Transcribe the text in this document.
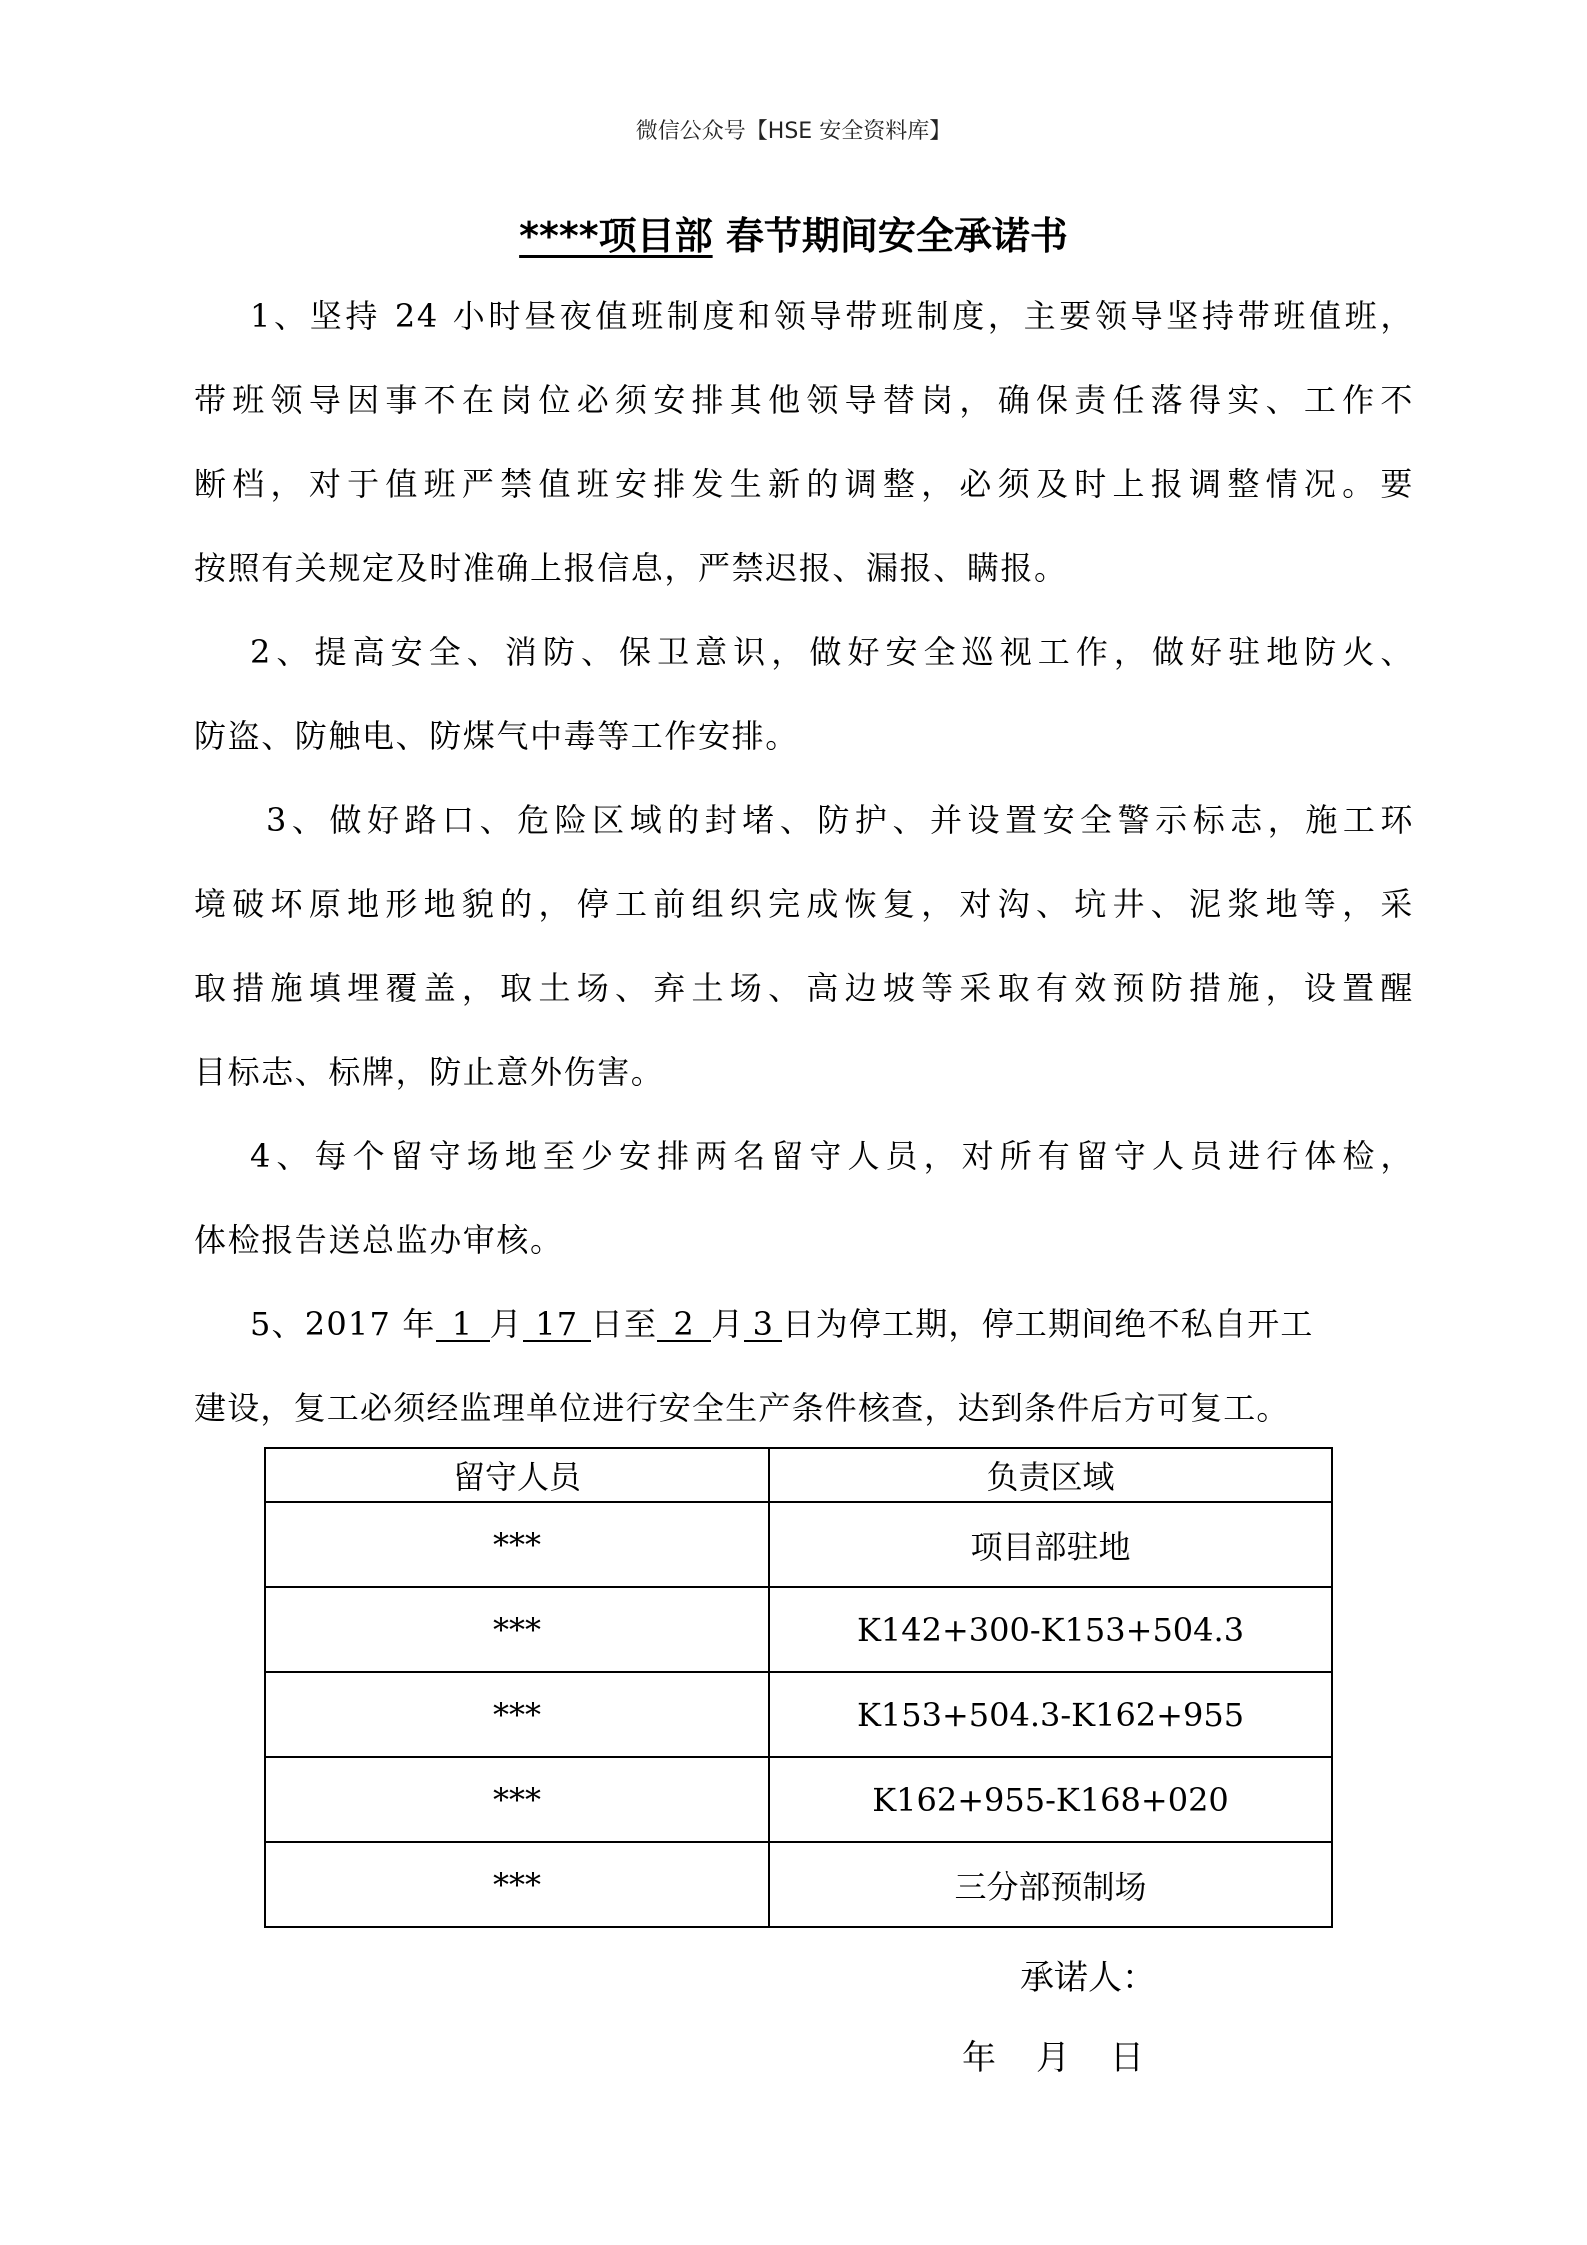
微信公众号【HSE 安全资料库】
****项目部 春节期间安全承诺书
1、坚持 24 小时昼夜值班制度和领导带班制度，主要领导坚持带班值班，
带班领导因事不在岗位必须安排其他领导替岗，确保责任落得实、工作不
断档，对于值班严禁值班安排发生新的调整，必须及时上报调整情况。要
按照有关规定及时准确上报信息，严禁迟报、漏报、瞒报。
2、提高安全、消防、保卫意识，做好安全巡视工作，做好驻地防火、
防盗、防触电、防煤气中毒等工作安排。
3、做好路口、危险区域的封堵、防护、并设置安全警示标志，施工环
境破坏原地形地貌的，停工前组织完成恢复，对沟、坑井、泥浆地等，采
取措施填埋覆盖，取土场、弃土场、高边坡等采取有效预防措施，设置醒
目标志、标牌，防止意外伤害。
4、每个留守场地至少安排两名留守人员，对所有留守人员进行体检，
体检报告送总监办审核。
5、2017 年 1 月 17 日至 2 月 3 日为停工期，停工期间绝不私自开工
建设，复工必须经监理单位进行安全生产条件核查，达到条件后方可复工。
留守人员	负责区域
***	项目部驻地
***	K142+300-K153+504.3
***	K153+504.3-K162+955
***	K162+955-K168+020
***	三分部预制场
承诺人：
年 月 日
